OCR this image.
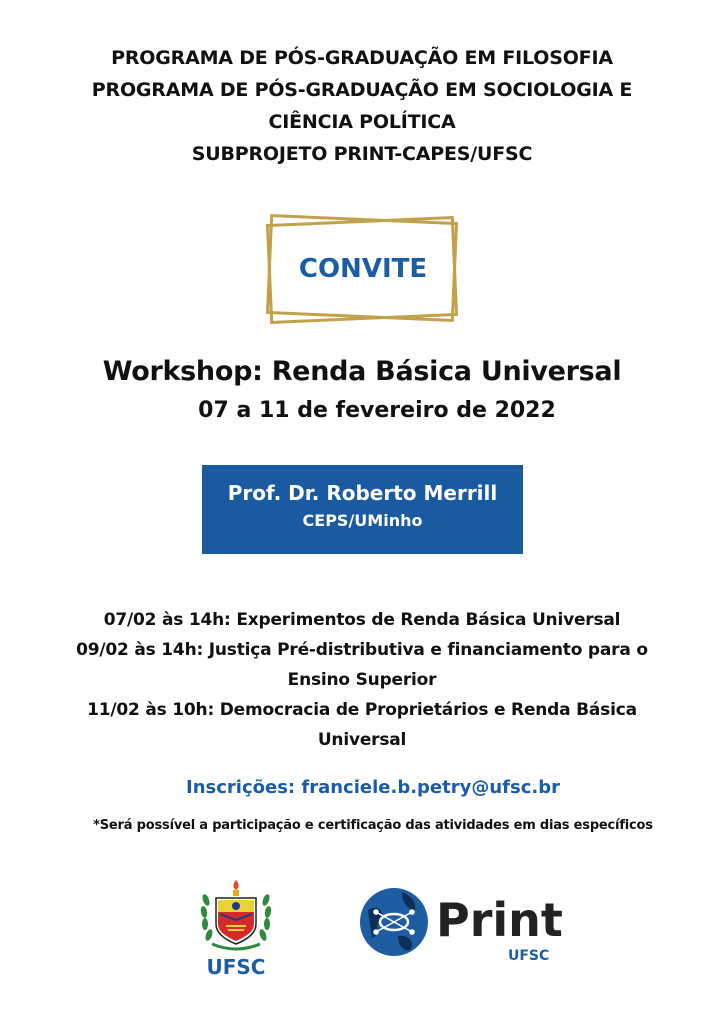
PROGRAMA DE PÓS-GRADUAÇÃO EM FILOSOFIA
PROGRAMA DE PÓS-GRADUAÇÃO EM SOCIOLOGIA E
CIÊNCIA POLÍTICA
SUBPROJETO PRINT-CAPES/UFSC
CONVITE
Workshop: Renda Básica Universal
07 a 11 de fevereiro de 2022
Prof. Dr. Roberto Merrill
CEPS/UMinho
07/02 às 14h: Experimentos de Renda Básica Universal
09/02 às 14h: Justiça Pré-distributiva e financiamento para o
Ensino Superior
11/02 às 10h: Democracia de Proprietários e Renda Básica
Universal
Inscrições: franciele.b.petry@ufsc.br
*Será possível a participação e certificação das atividades em dias específicos
UFSC
Print
UFSC
